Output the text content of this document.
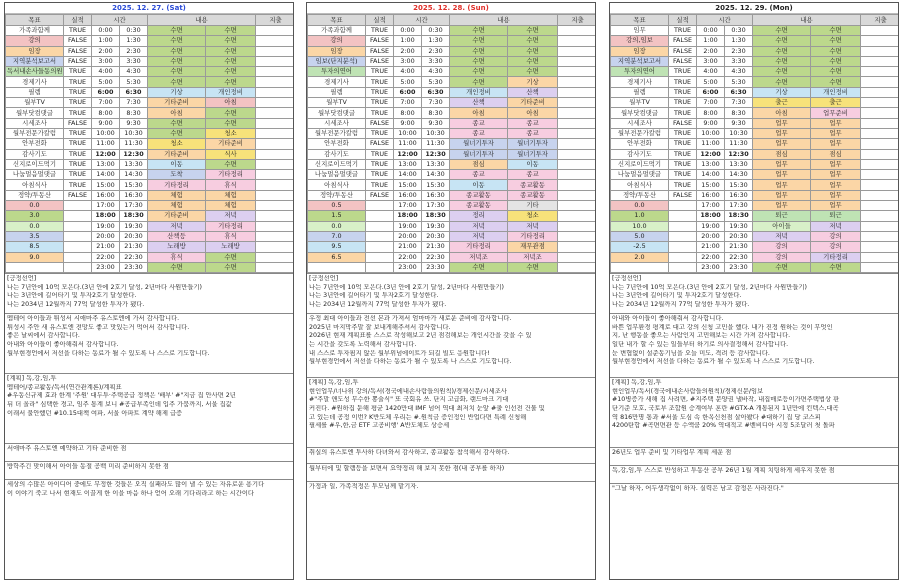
2025. 12. 27. (Sat)
목표	실적	시간		내용		지출
가족과함께	TRUE	0:00	0:30	수면	수면	
강의	FALSE	1:00	1:30	수면	수면	
임장	FALSE	2:00	2:30	수면	수면	
지역분석보고서	FALSE	3:00	3:30	수면	수면	
독서내손사들동의원	TRUE	4:00	4:30	수면	수면	
경제기사	TRUE	5:00	5:30	수면	수면	
필렘	TRUE	6:00	6:30	기상	개인정비	
월부TV	TRUE	7:00	7:30	기타준비	아침	
월부닷컴댓글	TRUE	8:00	8:30	아침	수면	
시세조사	FALSE	9:00	9:30	수면	수면	
월부전문가칼럼	TRUE	10:00	10:30	수면	청소	
안부전화	TRUE	11:00	11:30	청소	기타준비	
감사기도	TRUE	12:00	12:30	기타준비	식사	
신지로이드먹기	TRUE	13:00	13:30	이동	수면	
나눔멀음멀댓글	TRUE	14:00	14:30	도착	기타정리	
아침식사	TRUE	15:00	15:30	기타정리	휴식	
정약/투동산	FALSE	16:00	16:30	체험	체험	
0.0		17:00	17:30	체험	체험	
3.0		18:00	18:30	기타준비	저녁	
0.0		19:00	19:30	저녁	기타정리	
3.5		20:00	20:30	산책등	휴식	
8.5		21:00	21:30	노래방	노래방	
9.0		22:00	22:30	휴식	수면	
		23:00	23:30	수면	수면	
[긍정선언]
나는 7년안에 10억 모은다.(3년 안에 2호기 달성, 2년마다 사원만들기)
나는 3년안에 길어타기 및 투자2호기 달성한다.
나는 2034년 12월까지 77억 달성한 투자가 됐다.
멤테어 아이들과 튀성서 시애마주 유스토엔에 가서 감사합니다.
튀성시 주안 새 유스토엔 전망도 좋고 맛있는거 먹어서 감사합니다.
좋은 날씨에서 감사합니다.
아내와 아이들이 좋아해줘서 감사합니다.
월부현경언에서 저선을 다하는 동료가 될 수 있도록 나 스스로 기도합니다.
[계획] 독,강,임,투
멤테어/종교활동/독서(연간관계론)/계획표
#우동신규제 효과 한계 '주원' 대두투·주택공급 정책은 '배부' #"지금 집 안사면 2년
뒤 더 올라" 심택한 경고, 임주 통계 보니 #공급부족인데 입주 가뭄까지, 서울 집값
이래서 불안했던 #10.15대책 여파, 서울 아파트 계약 해제 급증
서애마주 유스토엔 예약하고 기타 준비한 점
방학주긴 맞이해서 아이들 동절 공백 미리 준비하지 못한 점
세상의 수많은 아이디어 중에도 무정한 것들은 오직 실패라도 많이 낼 수 있는 자유로운 용기다
이 이야기 죽고 나서 현재도 이끌게 한 이을 마음 하나 얻어 오래 기다리라고 하는 시간이다
2025. 12. 28. (Sun)
목표	실적	시간		내용		지출
가족과함께	TRUE	0:00	0:30	수면	수면	
강의	FALSE	1:00	1:30	수면	수면	
임장	FALSE	2:00	2:30	수면	수면	
임보(단지분석)	FALSE	3:00	3:30	수면	수면	
투자의연어	TRUE	4:00	4:30	수면	수면	
경제기사	TRUE	5:00	5:30	수면	기상	
필렘	TRUE	6:00	6:30	개인정비	산책	
월부TV	TRUE	7:00	7:30	산책	기타준비	
월부닷컴댓글	TRUE	8:00	8:30	아침	아침	
시세조사	FALSE	9:00	9:30	종교	종교	
월부전문가칼럼	TRUE	10:00	10:30	종교	종교	
안부전화	FALSE	11:00	11:30	월너기투자	월너기투자	
감사기도	TRUE	12:00	12:30	월너기투자	월너기투자	
신지로이드먹기	TRUE	13:00	13:30	점심	이동	
나눔멀음멀댓글	TRUE	14:00	14:30	종교	종교	
아침식사	TRUE	15:00	15:30	이동	종교활동	
정약/투동산	FALSE	16:00	16:30	종교활동	종교활동	
0.5		17:00	17:30	종교활동	기타	
1.5		18:00	18:30	정리	청소	
0.0		19:00	19:30	저녁	저녁	
7.0		20:00	20:30	저녁	기타정리	
9.5		21:00	21:30	기타정리	재무관점	
6.5		22:00	22:30	저녁조	저녁조	
		23:00	23:30	수면	수면	
[긍정선언]
나는 7년안에 10억 모은다.(3년 안에 2호기 달성, 2년마다 사원만들기)
나는 3년안에 길어타기 및 투자2호기 달성한다.
나는 2034년 12월까지 77억 달성한 투자가 됐다.
우정 최대 아이들과 전선 본과 가져서 엄마마가 새로운 준비에 감사합니다.
2025년 마지막주말 잘 보내게해주셔서 감사합니다.
2026년 현재 계획표를 스스로 작성해보고 2년 점검해보는 개인시간을 갖을 수 있
는 시간을 갖도록 노력해서 감사합니다.
내 스스로 투자핌지 않은 월부위넘에이트가 되길 빌도 응원합니다!
월부현경언에서 저선을 다하는 동료가 될 수 있도록 나 스스로 기도합니다.
[계획] 독,강,임,투
현인업무/너나위 강의/독서(경국에내손사람들의원칙)/경제신문/시세조사
#"주말 앤도성 무수한 뽕술식" 또 국회유 쓰. 단지 고급화, 랜드마크 기대
커진다. #원하집 둔해 평균 1420만대 IMF 넘어 역대 최저치 눈앞 #출 인선전 건물 및
고 있는데 공정 이번? K반도체 우리는 #.원칙금 증인정인 반업다면 특례 신청해
필세를 #우,한,금 ETF 고공비행' A반도체도 상승세
취실의 유스토엔 투사하 다녀와서 감사하고, 종교활동 참석해서 감사하다.
월부터에 및 할램등을 보면서 요약정리 해 보지 못한 점(내 공부를 하자)
가정과 일, 가족적정은 투모님께 맡기자.
2025. 12. 29. (Mon)
목표	실적	시간		내용		지출
임무	TRUE	0:00	0:30	수면	수면	
강의,임보	FALSE	1:00	1:30	수면	수면	
임장	FALSE	2:00	2:30	수면	수면	
지역분석보고서	FALSE	3:00	3:30	수면	수면	
투자의연어	TRUE	4:00	4:30	수면	수면	
경제기사	TRUE	5:00	5:30	수면	수면	
필렘	TRUE	6:00	6:30	기상	개인정비	
월부TV	TRUE	7:00	7:30	출근	출근	
월부닷컴댓글	TRUE	8:00	8:30	아침	업무준비	
시세조사	FALSE	9:00	9:30	업무	업무	
월부전문가칼럼	TRUE	10:00	10:30	업무	업무	
안부전화	TRUE	11:00	11:30	업무	업무	
감사기도	TRUE	12:00	12:30	점심	점심	
신지로이드먹기	TRUE	13:00	13:30	업무	업무	
나눔멀음멀댓글	TRUE	14:00	14:30	업무	업무	
아침식사	TRUE	15:00	15:30	업무	업무	
정약/투동산	FALSE	16:00	16:30	업무	업무	
0.0		17:00	17:30	업무	업무	
1.0		18:00	18:30	퇴근	퇴근	
10.0		19:00	19:30	아이들	저녁	
5.0		20:00	20:30	저녁	강의	
-2.5		21:00	21:30	강의	강의	
2.0		22:00	22:30	강의	기타정리	
		23:00	23:30	수면	수면	
[긍정선언]
나는 7년안에 10억 모은다.(3년 안에 2호기 달성, 2년마다 사원만들기)
나는 3년안에 길어타기 및 투자2호기 달성한다.
나는 2034년 12월까지 77억 달성한 투자가 됐다.
아내와 아이들이 좋아해줘서 감사합니다.
바쁜 업무환경 평계로 대고 강의 신청 고민을 했다. 내가 진정 원하는 것이 무엇인
지, 난 행동을 좋으는 사람인지 고민해보는 시간 가져 감사합니다.
일단 내가 할 수 있는 일들부터 하기로 의사결정해서 감사합니다.
눈 변협없이 설준동기님을 오늘 미도, 격려 등 감사합니다.
월부현경언에서 저선을 다하는 동료가 될 수 있도록 나 스스로 기도합니다.
[계획] 독,강,임,투
현인업무/독서(경국에내손사람들의원칙)/경제신문/임보
#10병증가 새해 집 사려면, #지주택 문양권 낼바작, 내집매로등이가면주택법상 판
단기준 모호, 국토부 조합원 승계여부 혼란 #GTX-A 개통된지 1년만에 킨텍스,대곡
역 816만명 통과 #서울 도심 속 한옥신천점 살아봤다 #대하기 집 당 코스피
4200탄합 #곡면면관 등 수액쿰 20% 역대적고 #벤비디아 시정 5조달러 첫 돌파
26년도 업무 준비 및 기타업무 계획 세운 점
독,강,임,투 스스로 반성하고 투동산 공부 26년 1월 계획 치팅하게 세우지 못한 점
"그날 하자, 어두생각없이 하자. 실력은 남고 감정은 사라진다."
